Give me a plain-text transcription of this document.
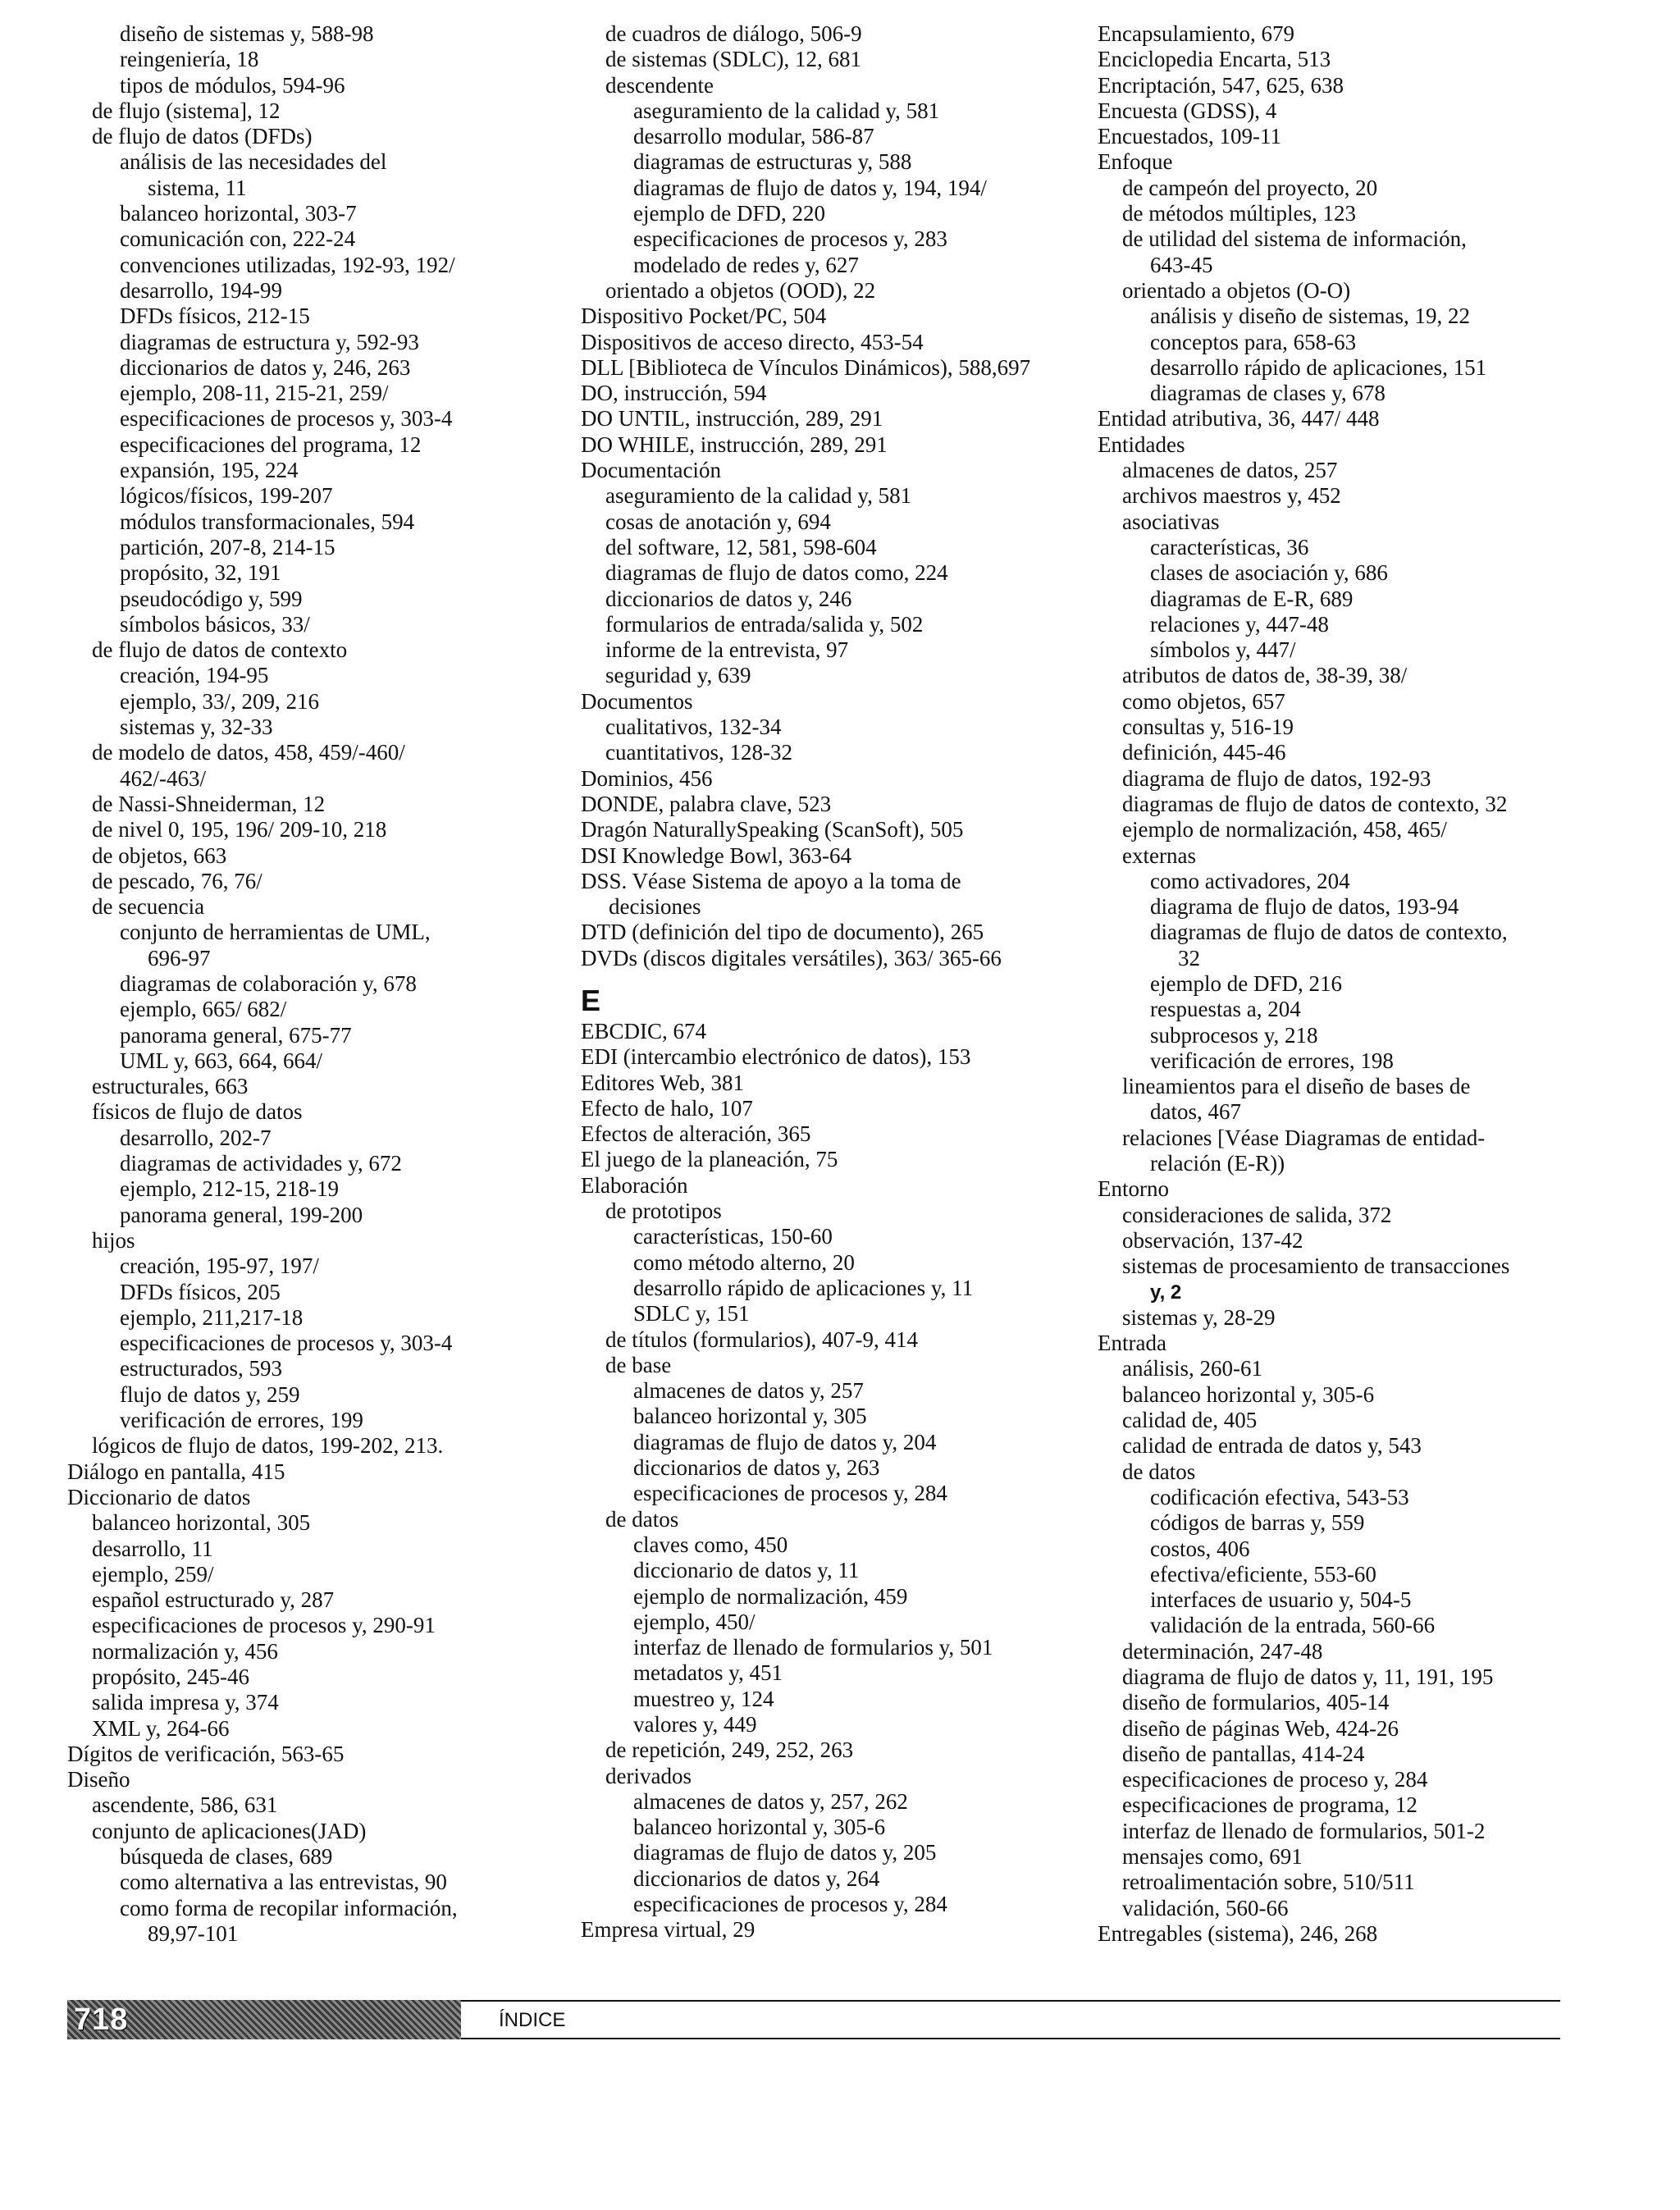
diseño de sistemas y, 588-98
reingeniería, 18
tipos de módulos, 594-96
de flujo (sistema], 12
de flujo de datos (DFDs)
análisis de las necesidades del
sistema, 11
balanceo horizontal, 303-7
comunicación con, 222-24
convenciones utilizadas, 192-93, 192/
desarrollo, 194-99
DFDs físicos, 212-15
diagramas de estructura y, 592-93
diccionarios de datos y, 246, 263
ejemplo, 208-11, 215-21, 259/
especificaciones de procesos y, 303-4
especificaciones del programa, 12
expansión, 195, 224
lógicos/físicos, 199-207
módulos transformacionales, 594
partición, 207-8, 214-15
propósito, 32, 191
pseudocódigo y, 599
símbolos básicos, 33/
de flujo de datos de contexto
creación, 194-95
ejemplo, 33/, 209, 216
sistemas y, 32-33
de modelo de datos, 458, 459/-460/
462/-463/
de Nassi-Shneiderman, 12
de nivel 0, 195, 196/ 209-10, 218
de objetos, 663
de pescado, 76, 76/
de secuencia
conjunto de herramientas de UML,
696-97
diagramas de colaboración y, 678
ejemplo, 665/ 682/
panorama general, 675-77
UML y, 663, 664, 664/
estructurales, 663
físicos de flujo de datos
desarrollo, 202-7
diagramas de actividades y, 672
ejemplo, 212-15, 218-19
panorama general, 199-200
hijos
creación, 195-97, 197/
DFDs físicos, 205
ejemplo, 211,217-18
especificaciones de procesos y, 303-4
estructurados, 593
flujo de datos y, 259
verificación de errores, 199
lógicos de flujo de datos, 199-202, 213.
Diálogo en pantalla, 415
Diccionario de datos
balanceo horizontal, 305
desarrollo, 11
ejemplo, 259/
español estructurado y, 287
especificaciones de procesos y, 290-91
normalización y, 456
propósito, 245-46
salida impresa y, 374
XML y, 264-66
Dígitos de verificación, 563-65
Diseño
ascendente, 586, 631
conjunto de aplicaciones(JAD)
búsqueda de clases, 689
como alternativa a las entrevistas, 90
como forma de recopilar información,
89,97-101
de cuadros de diálogo, 506-9
de sistemas (SDLC), 12, 681
descendente
aseguramiento de la calidad y, 581
desarrollo modular, 586-87
diagramas de estructuras y, 588
diagramas de flujo de datos y, 194, 194/
ejemplo de DFD, 220
especificaciones de procesos y, 283
modelado de redes y, 627
orientado a objetos (OOD), 22
Dispositivo Pocket/PC, 504
Dispositivos de acceso directo, 453-54
DLL [Biblioteca de Vínculos Dinámicos), 588,697
DO, instrucción, 594
DO UNTIL, instrucción, 289, 291
DO WHILE, instrucción, 289, 291
Documentación
aseguramiento de la calidad y, 581
cosas de anotación y, 694
del software, 12, 581, 598-604
diagramas de flujo de datos como, 224
diccionarios de datos y, 246
formularios de entrada/salida y, 502
informe de la entrevista, 97
seguridad y, 639
Documentos
cualitativos, 132-34
cuantitativos, 128-32
Dominios, 456
DONDE, palabra clave, 523
Dragón NaturallySpeaking (ScanSoft), 505
DSI Knowledge Bowl, 363-64
DSS. Véase Sistema de apoyo a la toma de
decisiones
DTD (definición del tipo de documento), 265
DVDs (discos digitales versátiles), 363/ 365-66
E
EBCDIC, 674
EDI (intercambio electrónico de datos), 153
Editores Web, 381
Efecto de halo, 107
Efectos de alteración, 365
El juego de la planeación, 75
Elaboración
de prototipos
características, 150-60
como método alterno, 20
desarrollo rápido de aplicaciones y, 11
SDLC y, 151
de títulos (formularios), 407-9, 414
de base
almacenes de datos y, 257
balanceo horizontal y, 305
diagramas de flujo de datos y, 204
diccionarios de datos y, 263
especificaciones de procesos y, 284
de datos
claves como, 450
diccionario de datos y, 11
ejemplo de normalización, 459
ejemplo, 450/
interfaz de llenado de formularios y, 501
metadatos y, 451
muestreo y, 124
valores y, 449
de repetición, 249, 252, 263
derivados
almacenes de datos y, 257, 262
balanceo horizontal y, 305-6
diagramas de flujo de datos y, 205
diccionarios de datos y, 264
especificaciones de procesos y, 284
Empresa virtual, 29
Encapsulamiento, 679
Enciclopedia Encarta, 513
Encriptación, 547, 625, 638
Encuesta (GDSS), 4
Encuestados, 109-11
Enfoque
de campeón del proyecto, 20
de métodos múltiples, 123
de utilidad del sistema de información,
643-45
orientado a objetos (O-O)
análisis y diseño de sistemas, 19, 22
conceptos para, 658-63
desarrollo rápido de aplicaciones, 151
diagramas de clases y, 678
Entidad atributiva, 36, 447/ 448
Entidades
almacenes de datos, 257
archivos maestros y, 452
asociativas
características, 36
clases de asociación y, 686
diagramas de E-R, 689
relaciones y, 447-48
símbolos y, 447/
atributos de datos de, 38-39, 38/
como objetos, 657
consultas y, 516-19
definición, 445-46
diagrama de flujo de datos, 192-93
diagramas de flujo de datos de contexto, 32
ejemplo de normalización, 458, 465/
externas
como activadores, 204
diagrama de flujo de datos, 193-94
diagramas de flujo de datos de contexto,
32
ejemplo de DFD, 216
respuestas a, 204
subprocesos y, 218
verificación de errores, 198
lineamientos para el diseño de bases de
datos, 467
relaciones [Véase Diagramas de entidad-
relación (E-R))
Entorno
consideraciones de salida, 372
observación, 137-42
sistemas de procesamiento de transacciones
y, 2
sistemas y, 28-29
Entrada
análisis, 260-61
balanceo horizontal y, 305-6
calidad de, 405
calidad de entrada de datos y, 543
de datos
codificación efectiva, 543-53
códigos de barras y, 559
costos, 406
efectiva/eficiente, 553-60
interfaces de usuario y, 504-5
validación de la entrada, 560-66
determinación, 247-48
diagrama de flujo de datos y, 11, 191, 195
diseño de formularios, 405-14
diseño de páginas Web, 424-26
diseño de pantallas, 414-24
especificaciones de proceso y, 284
especificaciones de programa, 12
interfaz de llenado de formularios, 501-2
mensajes como, 691
retroalimentación sobre, 510/511
validación, 560-66
Entregables (sistema), 246, 268
718	ÍNDICE
